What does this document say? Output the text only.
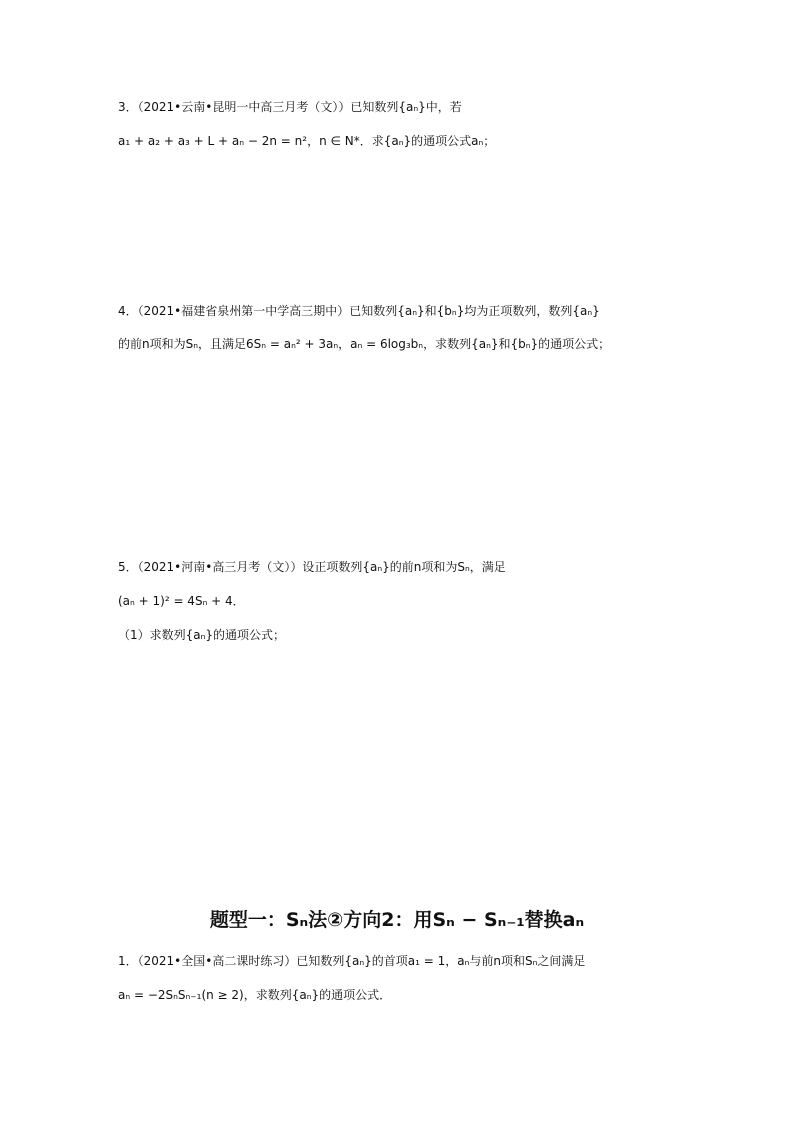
3．（2021•云南•昆明一中高三月考（文））已知数列{aₙ}中，若
a₁ + a₂ + a₃ + L + aₙ − 2n = n²，n ∈ N*．求{aₙ}的通项公式aₙ；
4．（2021•福建省泉州第一中学高三期中）已知数列{aₙ}和{bₙ}均为正项数列，数列{aₙ}
的前n项和为Sₙ，且满足6Sₙ = aₙ² + 3aₙ，aₙ = 6log₃bₙ，求数列{aₙ}和{bₙ}的通项公式；
5．（2021•河南•高三月考（文））设正项数列{aₙ}的前n项和为Sₙ，满足
(aₙ + 1)² = 4Sₙ + 4．
（1）求数列{aₙ}的通项公式；
题型一：Sₙ法②方向2：用Sₙ − Sₙ₋₁替换aₙ
1．（2021•全国•高二课时练习）已知数列{aₙ}的首项a₁ = 1，aₙ与前n项和Sₙ之间满足
aₙ = −2SₙSₙ₋₁(n ≥ 2)，求数列{aₙ}的通项公式．
